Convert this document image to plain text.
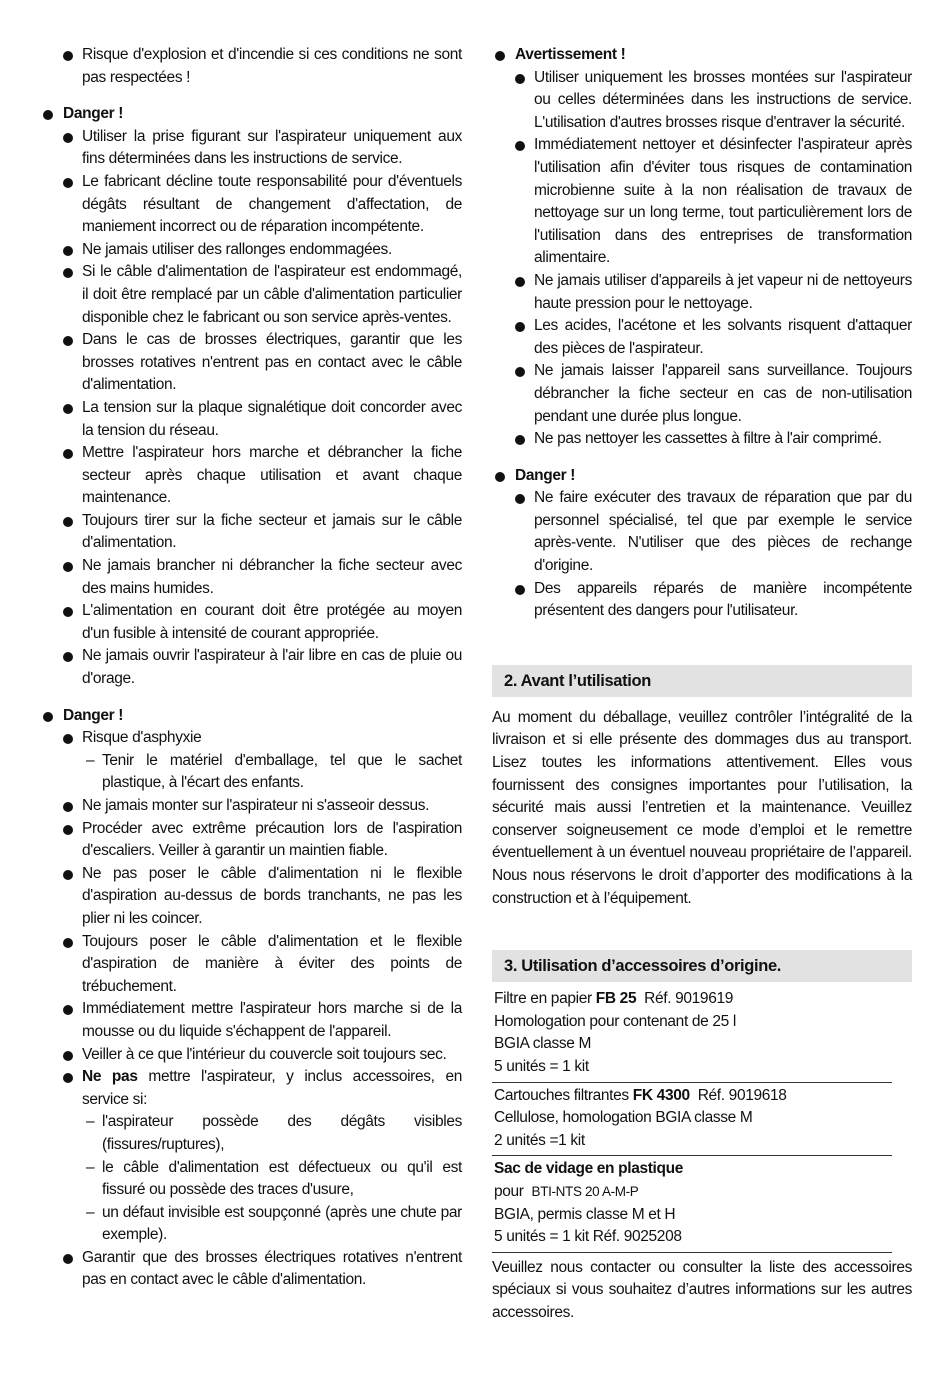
Risque d'explosion et d'incendie si ces conditions ne sont pas respectées !
Danger !
Utiliser la prise figurant sur l'aspirateur uniquement aux fins déterminées dans les instructions de service.
Le fabricant décline toute responsabilité pour d'éventuels dégâts résultant de changement d'affectation, de maniement incorrect ou de réparation incompétente.
Ne jamais utiliser des rallonges endommagées.
Si le câble d'alimentation de l'aspirateur est endommagé, il doit être remplacé par un câble d'alimentation particulier disponible chez le fabricant ou son service après-ventes.
Dans le cas de brosses électriques, garantir que les brosses rotatives n'entrent pas en contact avec le câble d'alimentation.
La tension sur la plaque signalétique doit concorder avec la tension du réseau.
Mettre l'aspirateur hors marche et débrancher la fiche secteur après chaque utilisation et avant chaque maintenance.
Toujours tirer sur la fiche secteur et jamais sur le câble d'alimentation.
Ne jamais brancher ni débrancher la fiche secteur avec des mains humides.
L'alimentation en courant doit être protégée au moyen d'un fusible à intensité de courant appropriée.
Ne jamais ouvrir l'aspirateur à l'air libre en cas de pluie ou d'orage.
Danger !
Risque d'asphyxie
– Tenir le matériel d'emballage, tel que le sachet plastique, à l'écart des enfants.
Ne jamais monter sur l'aspirateur ni s'asseoir dessus.
Procéder avec extrême précaution lors de l'aspiration d'escaliers. Veiller à garantir un maintien fiable.
Ne pas poser le câble d'alimentation ni le flexible d'aspiration au-dessus de bords tranchants, ne pas les plier ni les coincer.
Toujours poser le câble d'alimentation et le flexible d'aspiration de manière à éviter des points de trébuchement.
Immédiatement mettre l'aspirateur hors marche si de la mousse ou du liquide s'échappent de l'appareil.
Veiller à ce que l'intérieur du couvercle soit toujours sec.
Ne pas mettre l'aspirateur, y inclus accessoires, en service si:
– l'aspirateur possède des dégâts visibles (fissures/ruptures),
– le câble d'alimentation est défectueux ou qu'il est fissuré ou possède des traces d'usure,
– un défaut invisible est soupçonné (après une chute par exemple).
Garantir que des brosses électriques rotatives n'entrent pas en contact avec le câble d'alimentation.
Avertissement !
Utiliser uniquement les brosses montées sur l'aspirateur ou celles déterminées dans les instructions de service. L'utilisation d'autres brosses risque d'entraver la sécurité.
Immédiatement nettoyer et désinfecter l'aspirateur après l'utilisation afin d'éviter tous risques de contamination microbienne suite à la non réalisation de travaux de nettoyage sur un long terme, tout particulièrement lors de l'utilisation dans des entreprises de transformation alimentaire.
Ne jamais utiliser d'appareils à jet vapeur ni de nettoyeurs haute pression pour le nettoyage.
Les acides, l'acétone et les solvants risquent d'attaquer des pièces de l'aspirateur.
Ne jamais laisser l'appareil sans surveillance. Toujours débrancher la fiche secteur en cas de non-utilisation pendant une durée plus longue.
Ne pas nettoyer les cassettes à filtre à l'air comprimé.
Danger !
Ne faire exécuter des travaux de réparation que par du personnel spécialisé, tel que par exemple le service après-vente. N'utiliser que des pièces de rechange d'origine.
Des appareils réparés de manière incompétente présentent des dangers pour l'utilisateur.
2. Avant l’utilisation
Au moment du déballage, veuillez contrôler l’intégralité de la livraison et si elle présente des dommages dus au transport. Lisez toutes les informations attentivement. Elles vous fournissent des consignes importantes pour l’utilisation, la sécurité mais aussi l’entretien et la maintenance. Veuillez conserver soigneusement ce mode d’emploi et le remettre éventuellement à un éventuel nouveau propriétaire de l’appareil. Nous nous réservons le droit d’apporter des modifications à la construction et à l’équipement.
3. Utilisation d’accessoires d’origine.
Filtre en papier FB 25 Réf. 9019619
Homologation pour contenant de 25 l
BGIA classe M
5 unités = 1 kit
Cartouches filtrantes FK 4300 Réf. 9019618
Cellulose, homologation BGIA classe M
2 unités =1 kit
Sac de vidage en plastique
pour BTI-NTS 20 A-M-P
BGIA, permis classe M et H
5 unités = 1 kit Réf. 9025208
Veuillez nous contacter ou consulter la liste des accessoires spéciaux si vous souhaitez d’autres informations sur les autres accessoires.
